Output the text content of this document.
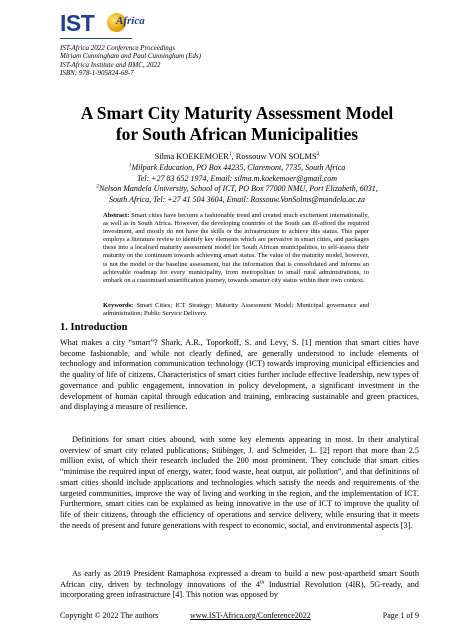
IST Africa
IST-Africa 2022 Conference Proceedings
Miriam Cunningham and Paul Cunningham (Eds)
IST-Africa Institute and IIMC, 2022
ISBN: 978-1-905824-68-7
A Smart City Maturity Assessment Model
for South African Municipalities
Silma KOEKEMOER$^1$, Rossouw VON SOLMS$^2$
$^1$Milpark Education, PO Box 44235, Claremont, 7735, South Africa
Tel: +27 83 652 1974, Email: silma.m.koekemoer@gmail.com
$^2$Nelson Mandela University, School of ICT, PO Box 77000 NMU, Port Elizabeth, 6031,
South Africa, Tel: +27 41 504 3604, Email: Rossouw.VonSolms@mandela.ac.za
Abstract: Smart cities have become a fashionable trend and created much excitement internationally, as well as in South Africa. However, the developing countries of the South can ill-afford the required investment, and mostly do not have the skills or the infrastructure to achieve this status. This paper employs a literature review to identify key elements which are pervasive in smart cities, and packages these into a localised maturity assessment model for South African municipalities, to self-assess their maturity on the continuum towards achieving smart status. The value of the maturity model, however, is not the model or the baseline assessment, but the information that is consolidated and informs an achievable roadmap for every municipality, from metropolitan to small rural administrations, to embark on a customised smartification journey, towards smarter city status within their own context.
Keywords: Smart Cities; ICT Strategy; Maturity Assessment Model; Municipal governance and administration; Public Service Delivery.
1. Introduction
What makes a city “smart”? Shark, A.R., Toporkoff, S. and Levy, S. [1] mention that smart cities have become fashionable, and while not clearly defined, are generally understood to include elements of technology and information communication technology (ICT) towards improving municipal efficiencies and the quality of life of citizens. Characteristics of smart cities further include effective leadership, new types of governance and public engagement, innovation in policy development, a significant investment in the development of human capital through education and training, embracing sustainable and green practices, and displaying a measure of resilience.
Definitions for smart cities abound, with some key elements appearing in most. In their analytical overview of smart city related publications, Stübinger, J. and Schneider, L. [2] report that more than 2.5 million exist, of which their research included the 200 most prominent. They conclude that smart cities “minimise the required input of energy, water, food waste, heat output, air pollution”, and that definitions of smart cities should include applications and technologies which satisfy the needs and requirements of the targeted communities, improve the way of living and working in the region, and the implementation of ICT. Furthermore, smart cities can be explained as being innovative in the use of ICT to improve the quality of life of their citizens, through the efficiency of operations and service delivery, while ensuring that it meets the needs of present and future generations with respect to economic, social, and environmental aspects [3].
As early as 2019 President Ramaphosa expressed a dream to build a new post-apartheid smart South African city, driven by technology innovations of the 4th Industrial Revolution (4IR), 5G-ready, and incorporating green infrastructure [4]. This notion was opposed by
Copyright © 2022 The authors	www.IST-Africa.org/Conference2022	Page 1 of 9
